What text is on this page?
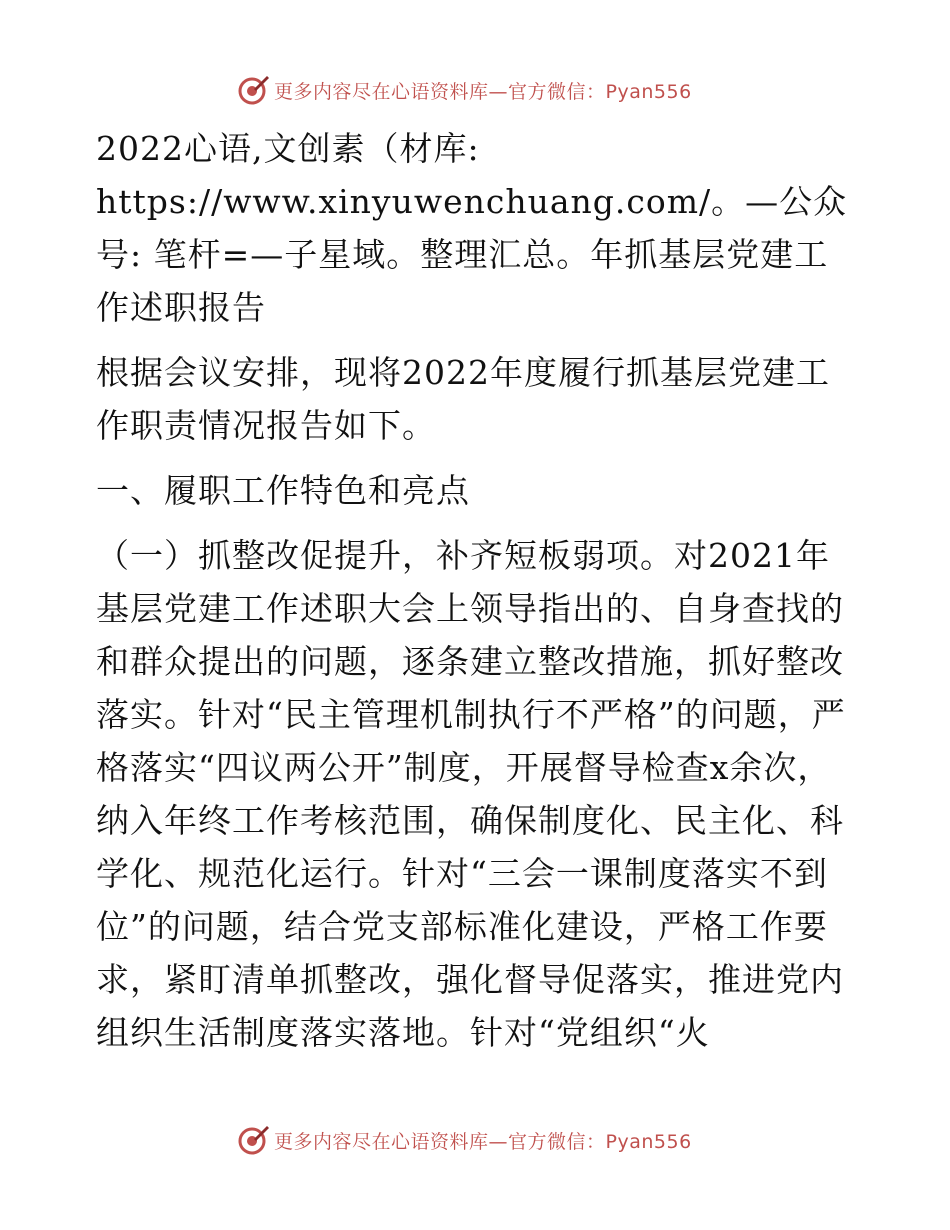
更多内容尽在心语资料库—官方微信：Pyan556

2022心语,文创素（材库: https://www.xinyuwenchuang.com/。—公众号: 笔杆=—子星域。整理汇总。年抓基层党建工作述职报告

根据会议安排，现将2022年度履行抓基层党建工作职责情况报告如下。

一、履职工作特色和亮点

（一）抓整改促提升，补齐短板弱项。对2021年基层党建工作述职大会上领导指出的、自身查找的和群众提出的问题，逐条建立整改措施，抓好整改落实。针对“民主管理机制执行不严格”的问题，严格落实“四议两公开”制度，开展督导检查x余次，纳入年终工作考核范围，确保制度化、民主化、科学化、规范化运行。针对“三会一课制度落实不到位”的问题，结合党支部标准化建设，严格工作要求，紧盯清单抓整改，强化督导促落实，推进党内组织生活制度落实落地。针对“党组织“火

更多内容尽在心语资料库—官方微信：Pyan556
